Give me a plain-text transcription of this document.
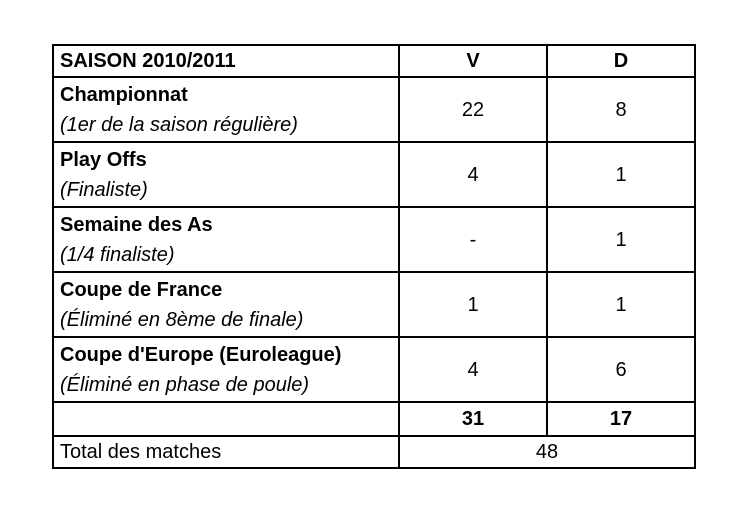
SAISON 2010/2011	V	D

Championnat
(1er de la saison régulière)	22	8

Play Offs
(Finaliste)	4	1

Semaine des As
(1/4 finaliste)	-	1

Coupe de France
(Éliminé en 8ème de finale)	1	1

Coupe d'Europe (Euroleague)
(Éliminé en phase de poule)	4	6
	31	17
Total des matches	48	
